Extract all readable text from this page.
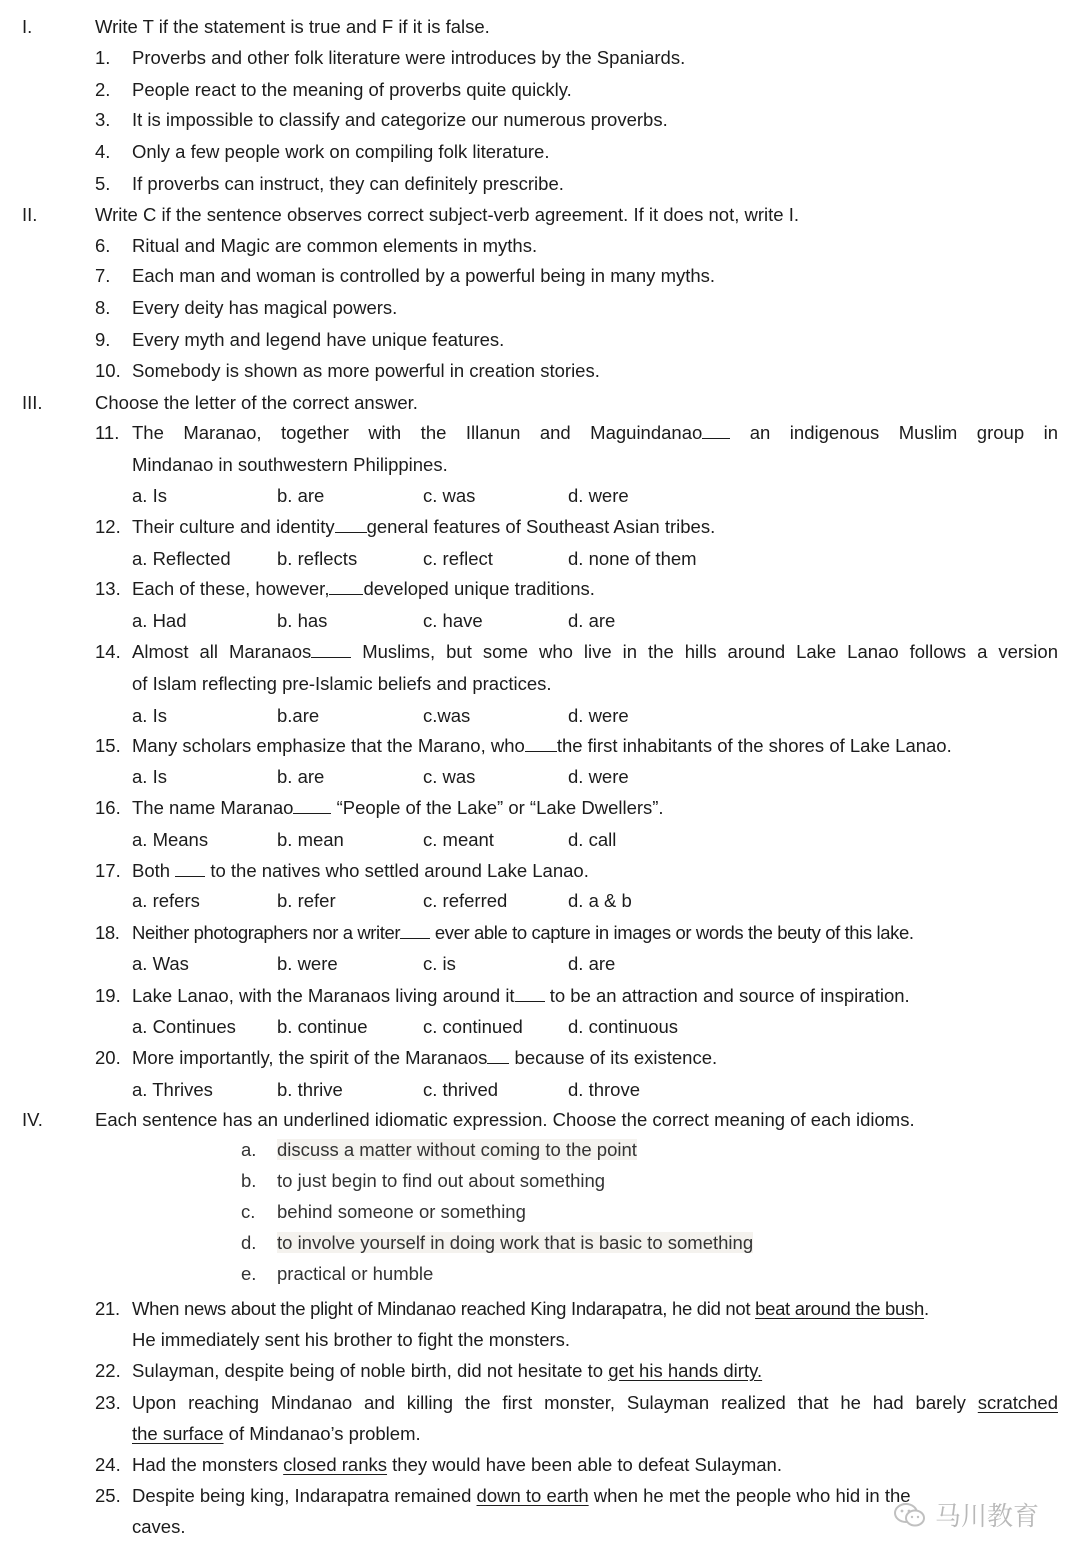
I.	Write T if the statement is true and F if it is false.
1. Proverbs and other folk literature were introduces by the Spaniards.
2. People react to the meaning of proverbs quite quickly.
3. It is impossible to classify and categorize our numerous proverbs.
4. Only a few people work on compiling folk literature.
5. If proverbs can instruct, they can definitely prescribe.
II.	Write C if the sentence observes correct subject-verb agreement. If it does not, write I.
6. Ritual and Magic are common elements in myths.
7. Each man and woman is controlled by a powerful being in many myths.
8. Every deity has magical powers.
9. Every myth and legend have unique features.
10. Somebody is shown as more powerful in creation stories.
III.	Choose the letter of the correct answer.
11. The Maranao, together with the Illanun and Maguindanao an indigenous Muslim group in
Mindanao in southwestern Philippines.
a. Is	b. are	c. was	d. were
12. Their culture and identity general features of Southeast Asian tribes.
a. Reflected	b. reflects	c. reflect	d. none of them
13. Each of these, however, developed unique traditions.
a. Had	b. has	c. have	d. are
14. Almost all Maranaos Muslims, but some who live in the hills around Lake Lanao follows a version
of Islam reflecting pre-Islamic beliefs and practices.
a. Is	b.are	c.was	d. were
15. Many scholars emphasize that the Marano, who the first inhabitants of the shores of Lake Lanao.
a. Is	b. are	c. was	d. were
16. The name Maranao “People of the Lake” or “Lake Dwellers”.
a. Means	b. mean	c. meant	d. call
17. Both  to the natives who settled around Lake Lanao.
a. refers	b. refer	c. referred	d. a & b
18. Neither photographers nor a writer ever able to capture in images or words the beuty of this lake.
a. Was	b. were	c. is	d. are
19. Lake Lanao, with the Maranaos living around it to be an attraction and source of inspiration.
a. Continues b. continue	c. continued d. continuous
20. More importantly, the spirit of the Maranaos because of its existence.
a. Thrives	b. thrive	c. thrived	d. throve
IV.	Each sentence has an underlined idiomatic expression. Choose the correct meaning of each idioms.
a. discuss a matter without coming to the point
b. to just begin to find out about something
c. behind someone or something
d. to involve yourself in doing work that is basic to something
e. practical or humble
21. When news about the plight of Mindanao reached King Indarapatra, he did not beat around the bush.
He immediately sent his brother to fight the monsters.
22. Sulayman, despite being of noble birth, did not hesitate to get his hands dirty.
23. Upon reaching Mindanao and killing the first monster, Sulayman realized that he had barely scratched
the surface of Mindanao’s problem.
24. Had the monsters closed ranks they would have been able to defeat Sulayman.
25. Despite being king, Indarapatra remained down to earth when he met the people who hid in the
caves.	马川教育
